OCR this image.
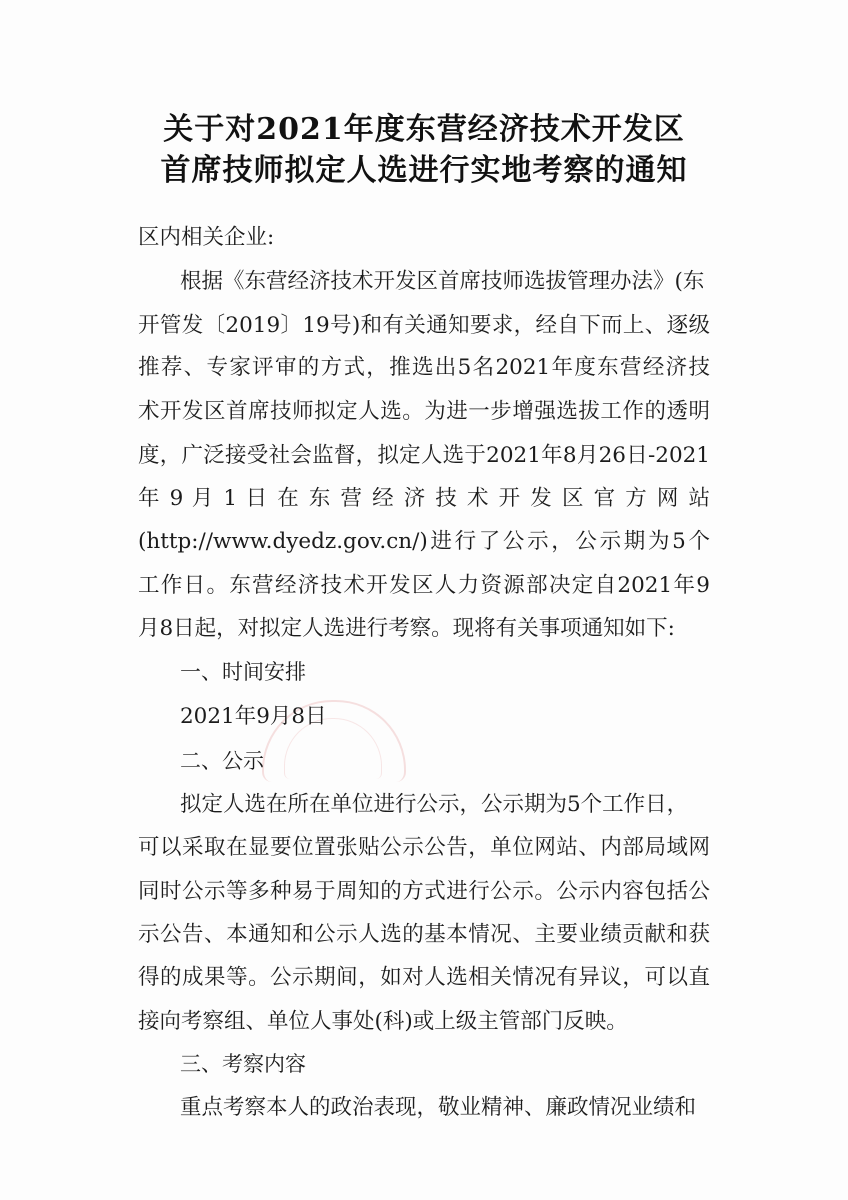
关于对2021年度东营经济技术开发区
首席技师拟定人选进行实地考察的通知
区内相关企业:
根据《东营经济技术开发区首席技师选拔管理办法》(东
开管发〔2019〕19号)和有关通知要求，经自下而上、逐级
推荐、专家评审的方式，推选出5名2021年度东营经济技
术开发区首席技师拟定人选。为进一步增强选拔工作的透明
度，广泛接受社会监督，拟定人选于2021年8月26日-2021
年 9 月 1 日 在 东 营 经 济 技 术 开 发 区 官 方 网 站
(http://www.dyedz.gov.cn/)进行了公示，公示期为5个
工作日。东营经济技术开发区人力资源部决定自2021年9
月8日起，对拟定人选进行考察。现将有关事项通知如下:
一、时间安排
2021年9月8日
二、公示
拟定人选在所在单位进行公示，公示期为5个工作日，
可以采取在显要位置张贴公示公告，单位网站、内部局域网
同时公示等多种易于周知的方式进行公示。公示内容包括公
示公告、本通知和公示人选的基本情况、主要业绩贡献和获
得的成果等。公示期间，如对人选相关情况有异议，可以直
接向考察组、单位人事处(科)或上级主管部门反映。
三、考察内容
重点考察本人的政治表现，敬业精神、廉政情况业绩和
